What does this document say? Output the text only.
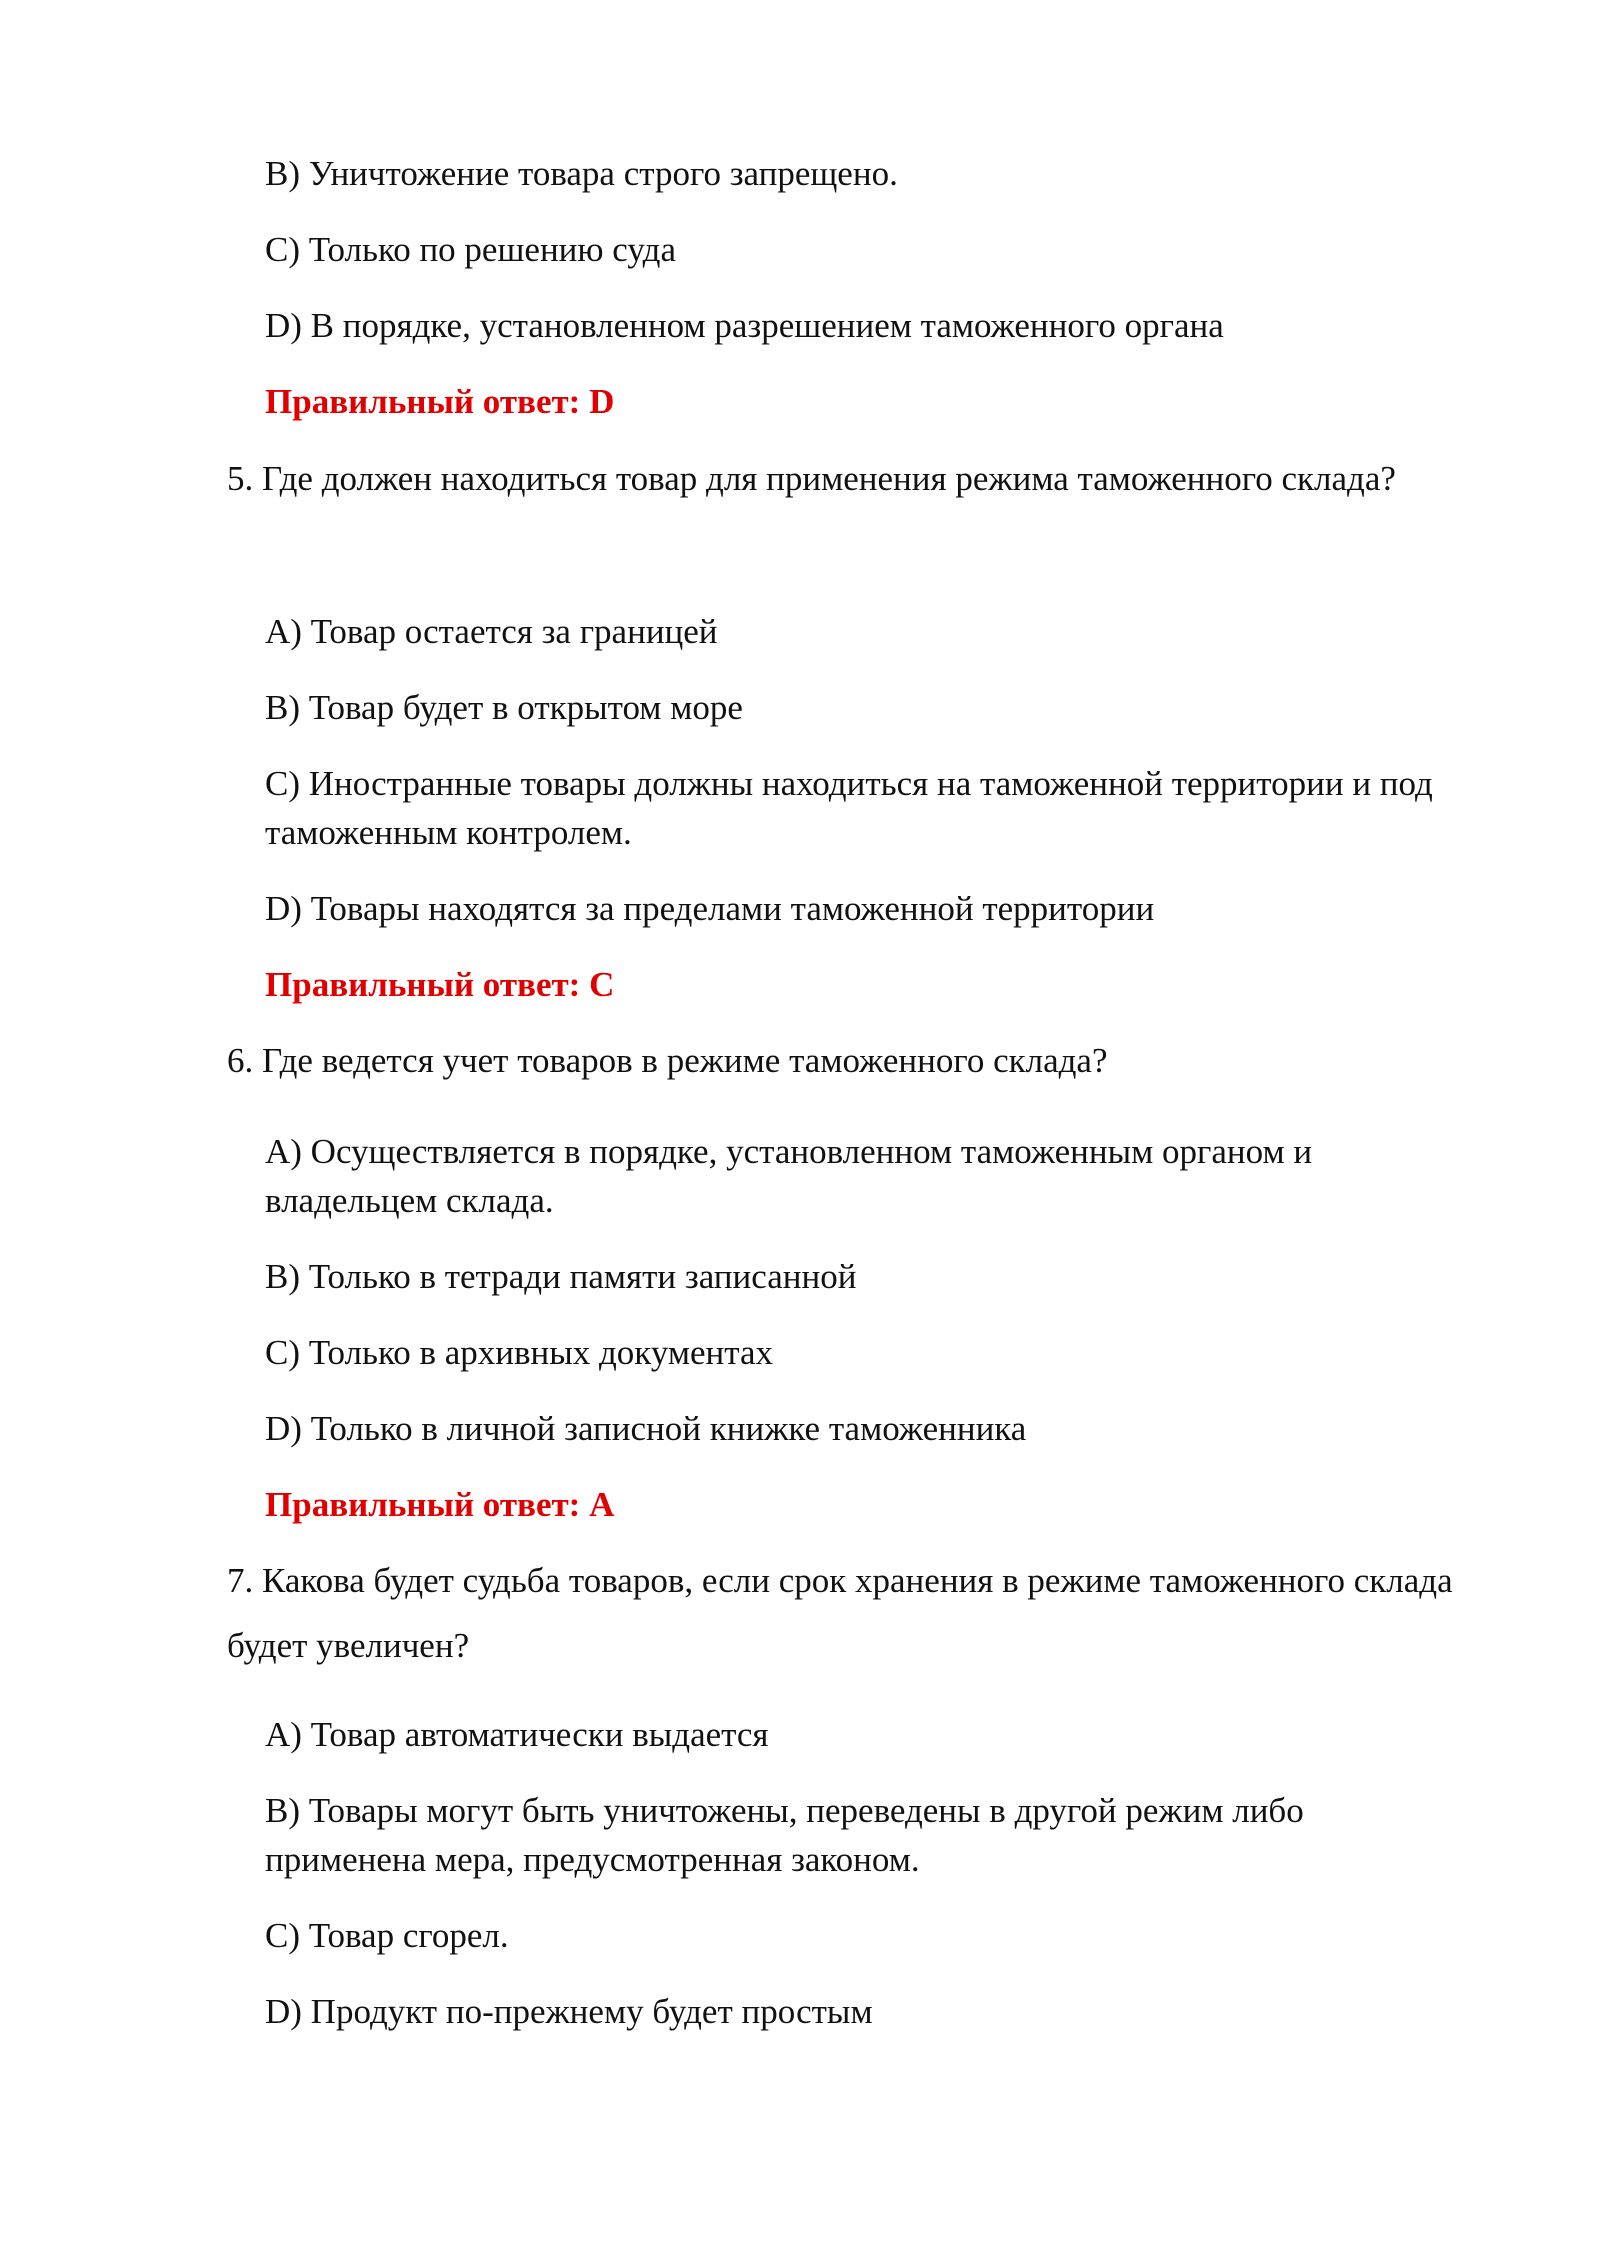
B) Уничтожение товара строго запрещено.
C) Только по решению суда
D) В порядке, установленном разрешением таможенного органа
Правильный ответ: D
5. Где должен находиться товар для применения режима таможенного склада?
A) Товар остается за границей
B) Товар будет в открытом море
C) Иностранные товары должны находиться на таможенной территории и под таможенным контролем.
D) Товары находятся за пределами таможенной территории
Правильный ответ: C
6. Где ведется учет товаров в режиме таможенного склада?
A) Осуществляется в порядке, установленном таможенным органом и владельцем склада.
B) Только в тетради памяти записанной
C) Только в архивных документах
D) Только в личной записной книжке таможенника
Правильный ответ: A
7. Какова будет судьба товаров, если срок хранения в режиме таможенного склада будет увеличен?
A) Товар автоматически выдается
B) Товары могут быть уничтожены, переведены в другой режим либо применена мера, предусмотренная законом.
C) Товар сгорел.
D) Продукт по-прежнему будет простым
